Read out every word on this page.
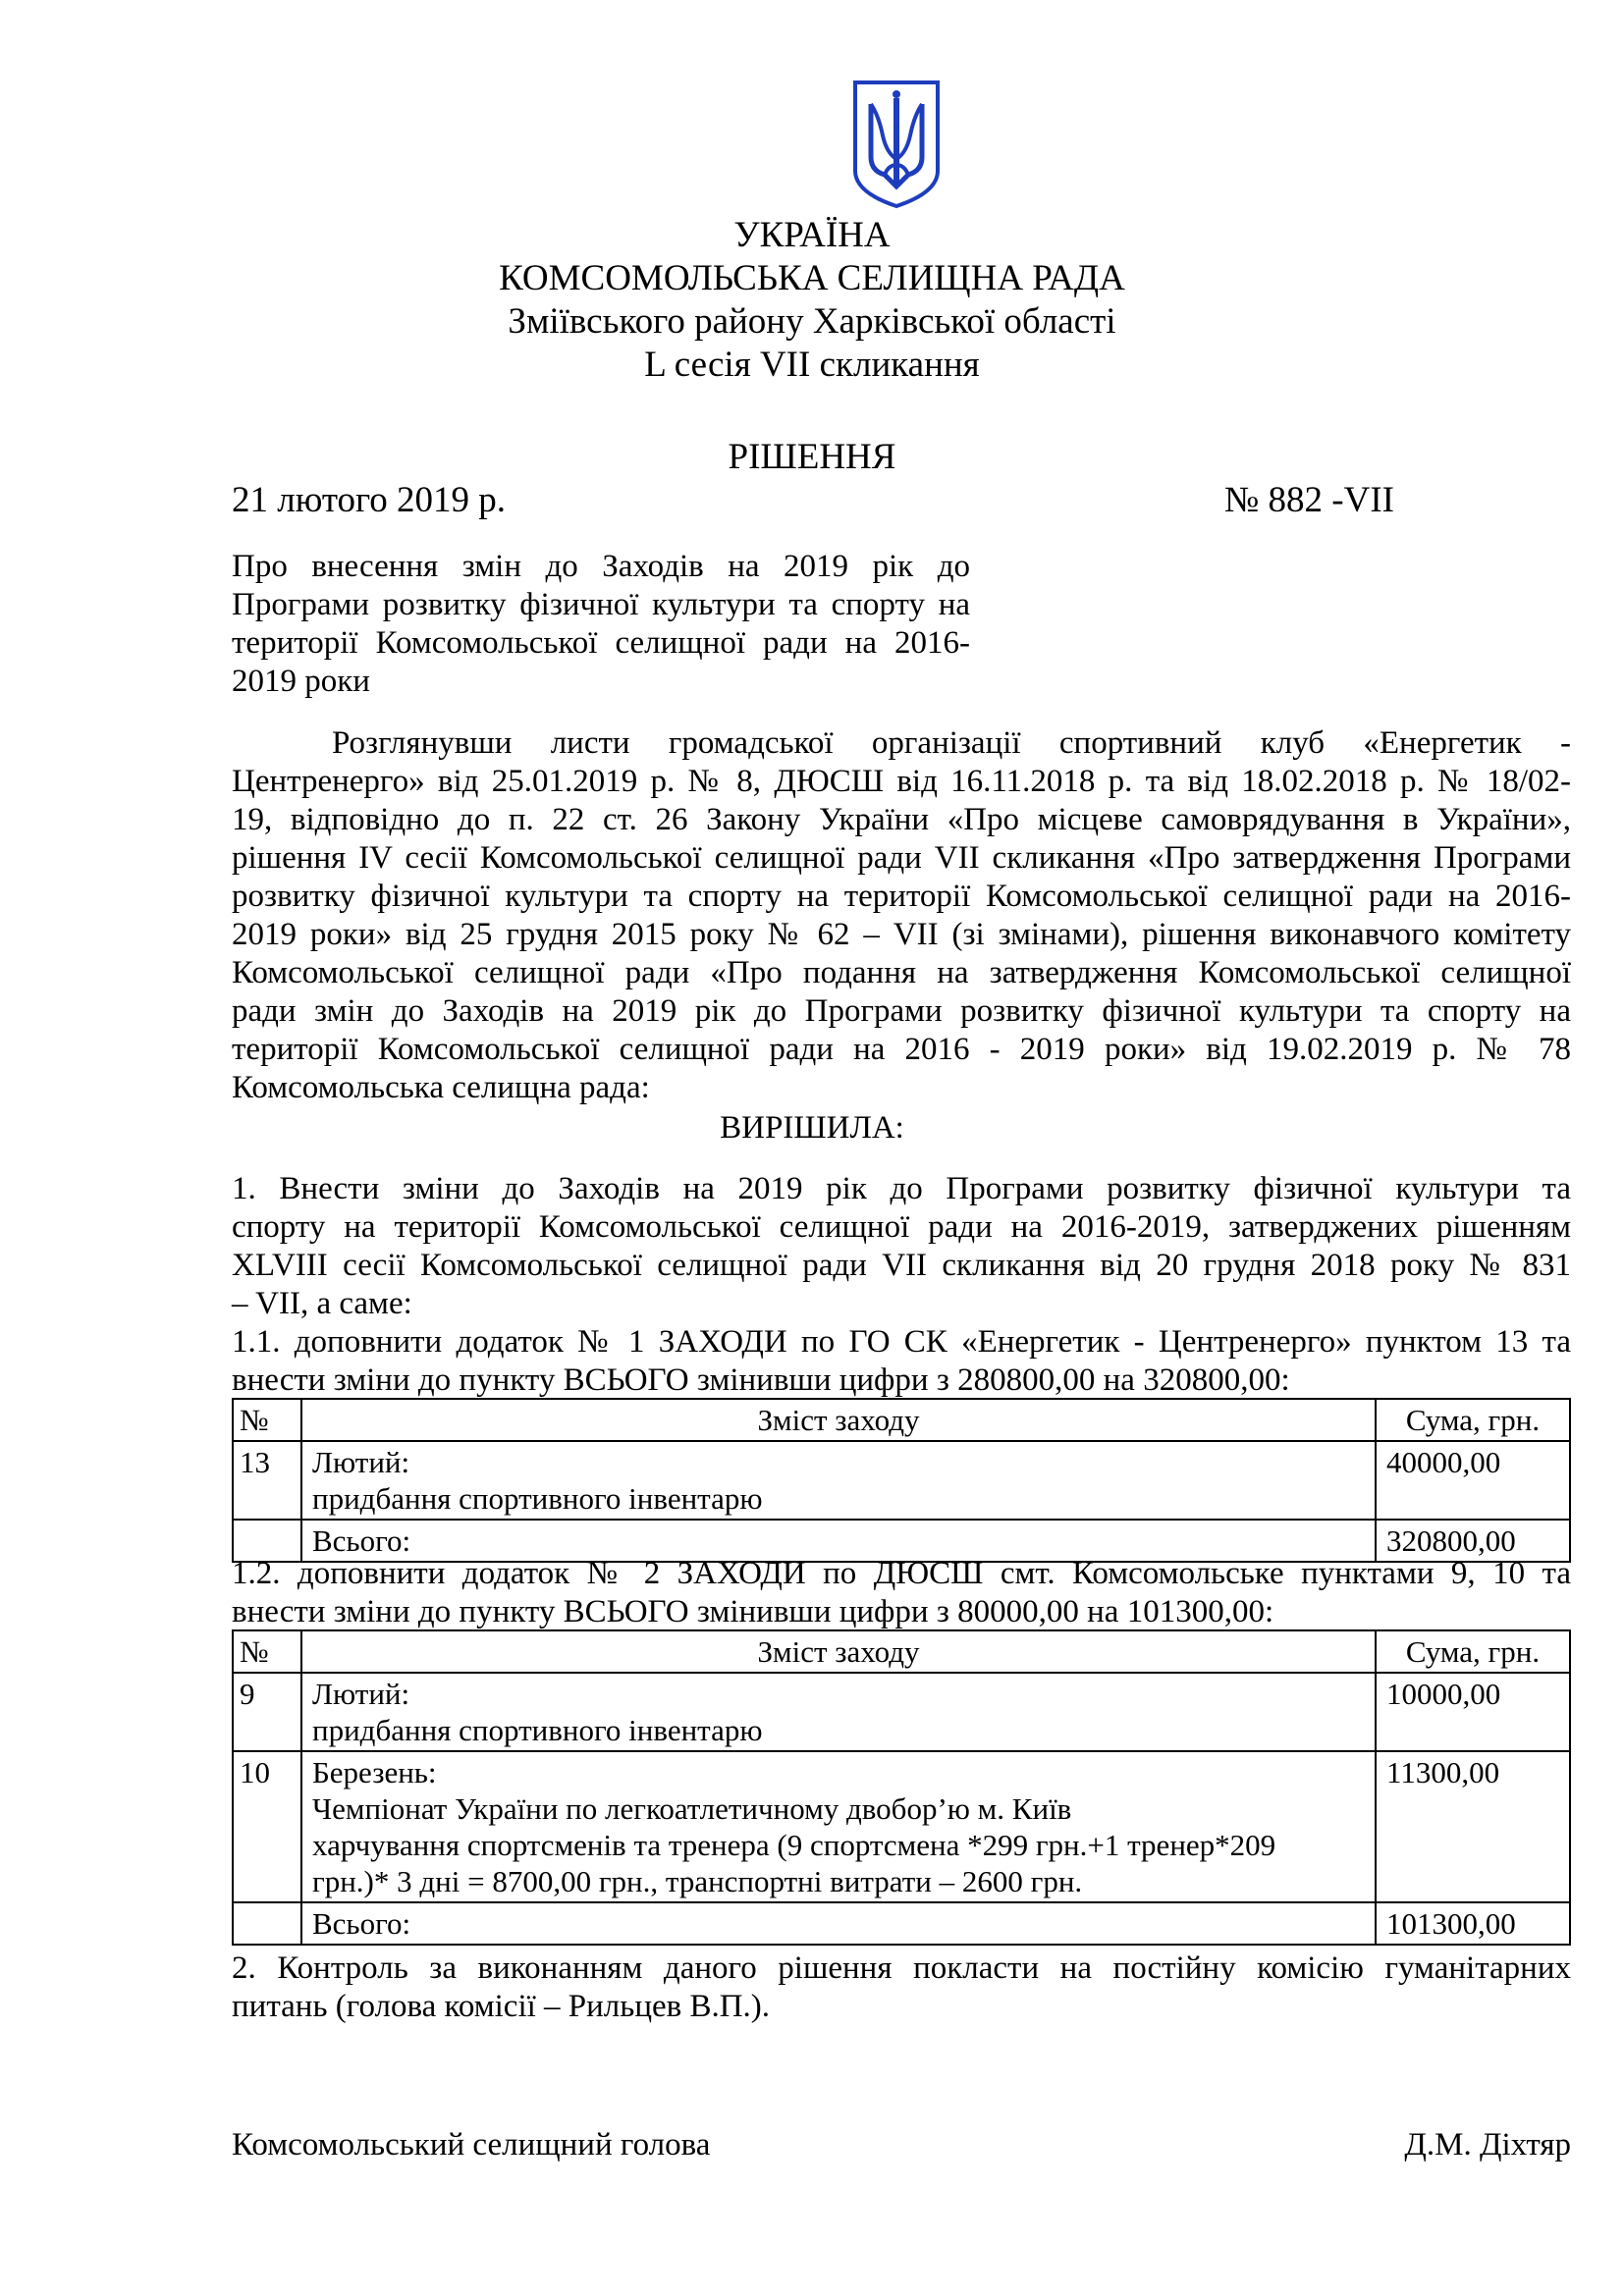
УКРАЇНА
КОМСОМОЛЬСЬКА СЕЛИЩНА РАДА
Зміївського району Харківської області
L сесія VII скликання
РІШЕННЯ
21 лютого 2019 р.	№ 882 -VII
Про внесення змін до Заходів на 2019 рік до
Програми розвитку фізичної культури та спорту на
території Комсомольської селищної ради на 2016-
2019 роки
Розглянувши листи громадської організації спортивний клуб «Енергетик -
Центренерго» від 25.01.2019 р. № 8, ДЮСШ від 16.11.2018 р. та від 18.02.2018 р. № 18/02-
19, відповідно до п. 22 ст. 26 Закону України «Про місцеве самоврядування в України»,
рішення IV сесії Комсомольської селищної ради VII скликання «Про затвердження Програми
розвитку фізичної культури та спорту на території Комсомольської селищної ради на 2016-
2019 роки» від 25 грудня 2015 року № 62 – VII (зі змінами), рішення виконавчого комітету
Комсомольської селищної ради «Про подання на затвердження Комсомольської селищної
ради змін до Заходів на 2019 рік до Програми розвитку фізичної культури та спорту на
території Комсомольської селищної ради на 2016 - 2019 роки» від 19.02.2019 р. № 78
Комсомольська селищна рада:
ВИРІШИЛА:
1. Внести зміни до Заходів на 2019 рік до Програми розвитку фізичної культури та
спорту на території Комсомольської селищної ради на 2016-2019, затверджених рішенням
XLVIII сесії Комсомольської селищної ради VII скликання від 20 грудня 2018 року № 831
– VII, а саме:
1.1. доповнити додаток № 1 ЗАХОДИ по ГО СК «Енергетик - Центренерго» пунктом 13 та
внести зміни до пункту ВСЬОГО змінивши цифри з 280800,00 на 320800,00:
№	Зміст заходу	Сума, грн.
13	Лютий:
придбання спортивного інвентарю	40000,00
	Всього:	320800,00
1.2. доповнити додаток № 2 ЗАХОДИ по ДЮСШ смт. Комсомольське пунктами 9, 10 та
внести зміни до пункту ВСЬОГО змінивши цифри з 80000,00 на 101300,00:
№	Зміст заходу	Сума, грн.
9	Лютий:
придбання спортивного інвентарю	10000,00
10	Березень:
Чемпіонат України по легкоатлетичному двобор’ю м. Київ
харчування спортсменів та тренера (9 спортсмена *299 грн.+1 тренер*209
грн.)* 3 дні = 8700,00 грн., транспортні витрати – 2600 грн.	11300,00
	Всього:	101300,00
2. Контроль за виконанням даного рішення покласти на постійну комісію гуманітарних
питань (голова комісії – Рильцев В.П.).
Комсомольський селищний голова	Д.М. Діхтяр
